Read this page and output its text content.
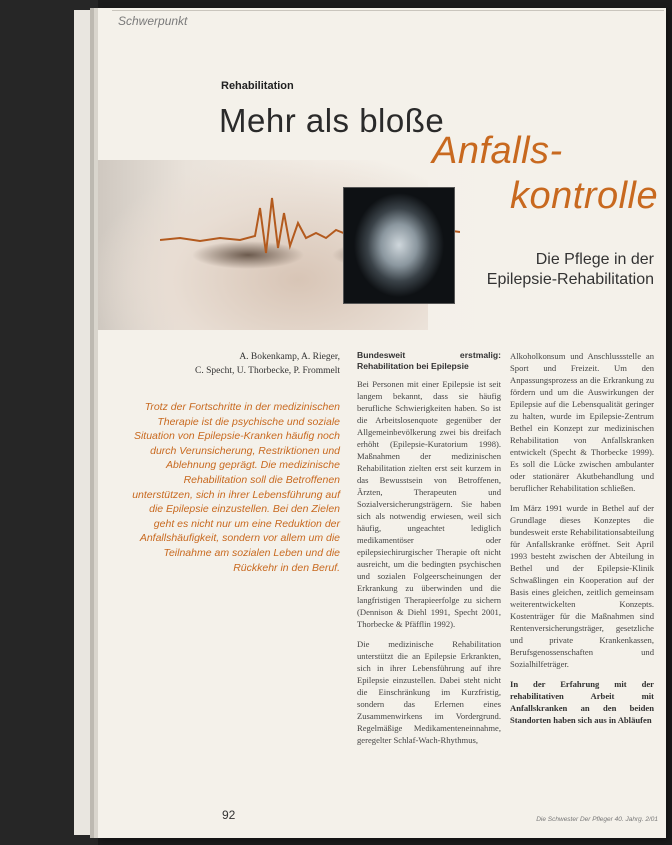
Schwerpunkt
Rehabilitation
Mehr als bloße
Anfalls-
kontrolle
Die Pflege in der
Epilepsie-Rehabilitation
A. Bokenkamp, A. Rieger,
C. Specht, U. Thorbecke, P. Frommelt
Trotz der Fortschritte in der medizinischen Therapie ist die psychische und soziale Situation von Epilepsie-Kranken häufig noch durch Verunsicherung, Restriktionen und Ablehnung geprägt. Die medizinische Rehabilitation soll die Betroffenen unterstützen, sich in ihrer Lebensführung auf die Epilepsie einzustellen. Bei den Zielen geht es nicht nur um eine Reduktion der Anfallshäufigkeit, sondern vor allem um die Teilnahme am sozialen Leben und die Rückkehr in den Beruf.
Bundesweit erstmalig: Rehabilitation bei Epilepsie

Bei Personen mit einer Epilepsie ist seit langem bekannt, dass sie häufig berufliche Schwierigkeiten haben. So ist die Arbeitslosenquote gegenüber der Allgemeinbevölkerung zwei bis dreifach erhöht (Epilepsie-Kuratorium 1998). Maßnahmen der medizinischen Rehabilitation zielten erst seit kurzem in das Bewusstsein von Betroffenen, Ärzten, Therapeuten und Sozialversicherungsträgern. Sie haben sich als notwendig erwiesen, weil sich häufig, ungeachtet lediglich medikamentöser oder epilepsiechirurgischer Therapie oft nicht ausreicht, um die bedingten psychischen und sozialen Folgeerscheinungen der Erkrankung zu überwinden und die langfristigen Therapieerfolge zu sichern (Dennison & Diehl 1991, Specht 2001, Thorbecke & Pfäfflin 1992).

Die medizinische Rehabilitation unterstützt die an Epilepsie Erkrankten, sich in ihrer Lebensführung auf ihre Epilepsie einzustellen. Dabei steht nicht die Einschränkung im Kurzfristig, sondern das Erlernen eines Zusammenwirkens im Vordergrund. Regelmäßige Medikamenteneinnahme, geregelter Schlaf-Wach-Rhythmus,

Alkoholkonsum und Anschlussstelle an Sport und Freizeit. Um den Anpassungsprozess an die Erkrankung zu fördern und um die Auswirkungen der Epilepsie auf die Lebensqualität geringer zu halten, wurde im Epilepsie-Zentrum Bethel ein Konzept zur medizinischen Rehabilitation von Anfallskranken entwickelt (Specht & Thorbecke 1999). Es soll die Lücke zwischen ambulanter oder stationärer Akutbehandlung und beruflicher Rehabilitation schließen.

Im März 1991 wurde in Bethel auf der Grundlage dieses Konzeptes die bundesweit erste Rehabilitationsabteilung für Anfallskranke eröffnet. Seit April 1993 besteht zwischen der Abteilung in Bethel und der Epilepsie-Klinik Schwaßlingen ein Kooperation auf der Basis eines gleichen, zeitlich gemeinsam weiterentwickelten Konzepts. Kostenträger für die Maßnahmen sind Rentenversicherungsträger, gesetzliche und private Krankenkassen, Berufsgenossenschaften und Sozialhilfeträger.

In der Erfahrung mit der rehabilitativen Arbeit mit Anfallskranken an den beiden Standorten haben sich aus in Abläufen

92	Die Schwester Der Pfleger 40. Jahrg. 2/01
